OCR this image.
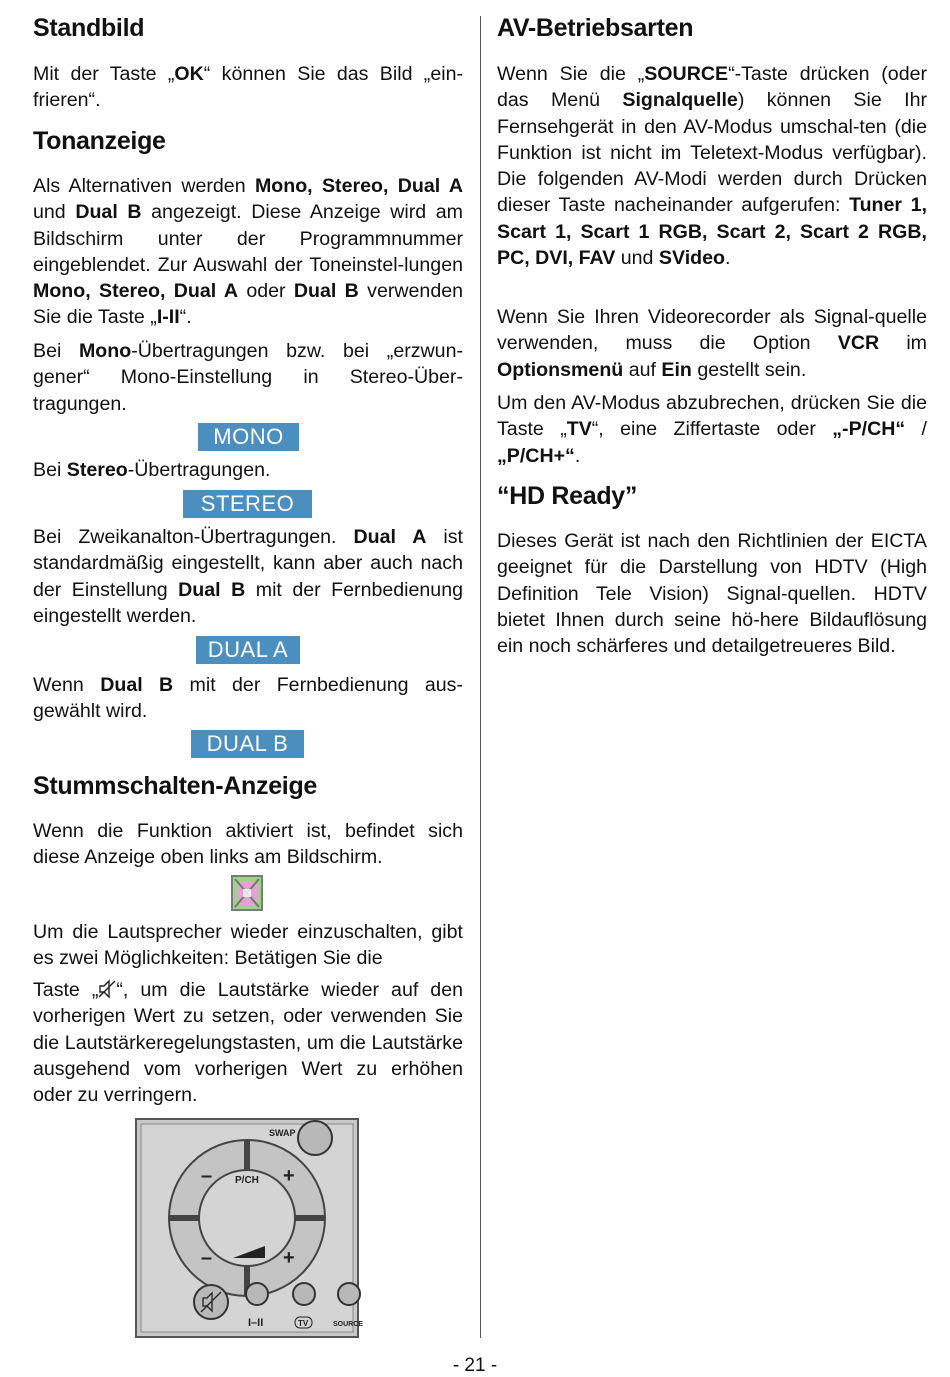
Standbild

Mit der Taste „OK“ können Sie das Bild „ein-frieren“.

Tonanzeige

Als Alternativen werden Mono, Stereo, Dual A und Dual B angezeigt. Diese Anzeige wird am Bildschirm unter der Programmnummer eingeblendet. Zur Auswahl der Toneinstel-lungen Mono, Stereo, Dual A oder Dual B verwenden Sie die Taste „I-II“.

Bei Mono-Übertragungen bzw. bei „erzwun-gener“ Mono-Einstellung in Stereo-Über-tragungen.

MONO

Bei Stereo-Übertragungen.

STEREO

Bei Zweikanalton-Übertragungen. Dual A ist standardmäßig eingestellt, kann aber auch nach der Einstellung Dual B mit der Fernbedienung eingestellt werden.

DUAL A

Wenn Dual B mit der Fernbedienung aus-gewählt wird.

DUAL B
Stummschalten-Anzeige

Wenn die Funktion aktiviert ist, befindet sich diese Anzeige oben links am Bildschirm.

Um die Lautsprecher wieder einzuschalten, gibt es zwei Möglichkeiten: Betätigen Sie die

Taste „ “, um die Lautstärke wieder auf den vorherigen Wert zu setzen, oder verwenden Sie die Lautstärkeregelungstasten, um die Lautstärke ausgehend vom vorherigen Wert zu erhöhen oder zu verringern.

SWAP
–	+
P/CH
–	+
I–II	TV	SOURCE
AV-Betriebsarten

Wenn Sie die „SOURCE“-Taste drücken (oder das Menü Signalquelle) können Sie Ihr Fernsehgerät in den AV-Modus umschal-ten (die Funktion ist nicht im Teletext-Modus verfügbar). Die folgenden AV-Modi werden durch Drücken dieser Taste nacheinander aufgerufen: Tuner 1, Scart 1, Scart 1 RGB, Scart 2, Scart 2 RGB, PC, DVI, FAV und SVideo.

Wenn Sie Ihren Videorecorder als Signal-quelle verwenden, muss die Option VCR im Optionsmenü auf Ein gestellt sein.

Um den AV-Modus abzubrechen, drücken Sie die Taste „TV“, eine Ziffertaste oder „-P/CH“ / „P/CH+“.

“HD Ready”

Dieses Gerät ist nach den Richtlinien der EICTA geeignet für die Darstellung von HDTV (High Definition Tele Vision) Signal-quellen. HDTV bietet Ihnen durch seine hö-here Bildauflösung ein noch schärferes und detailgetreueres Bild.

- 21 -
